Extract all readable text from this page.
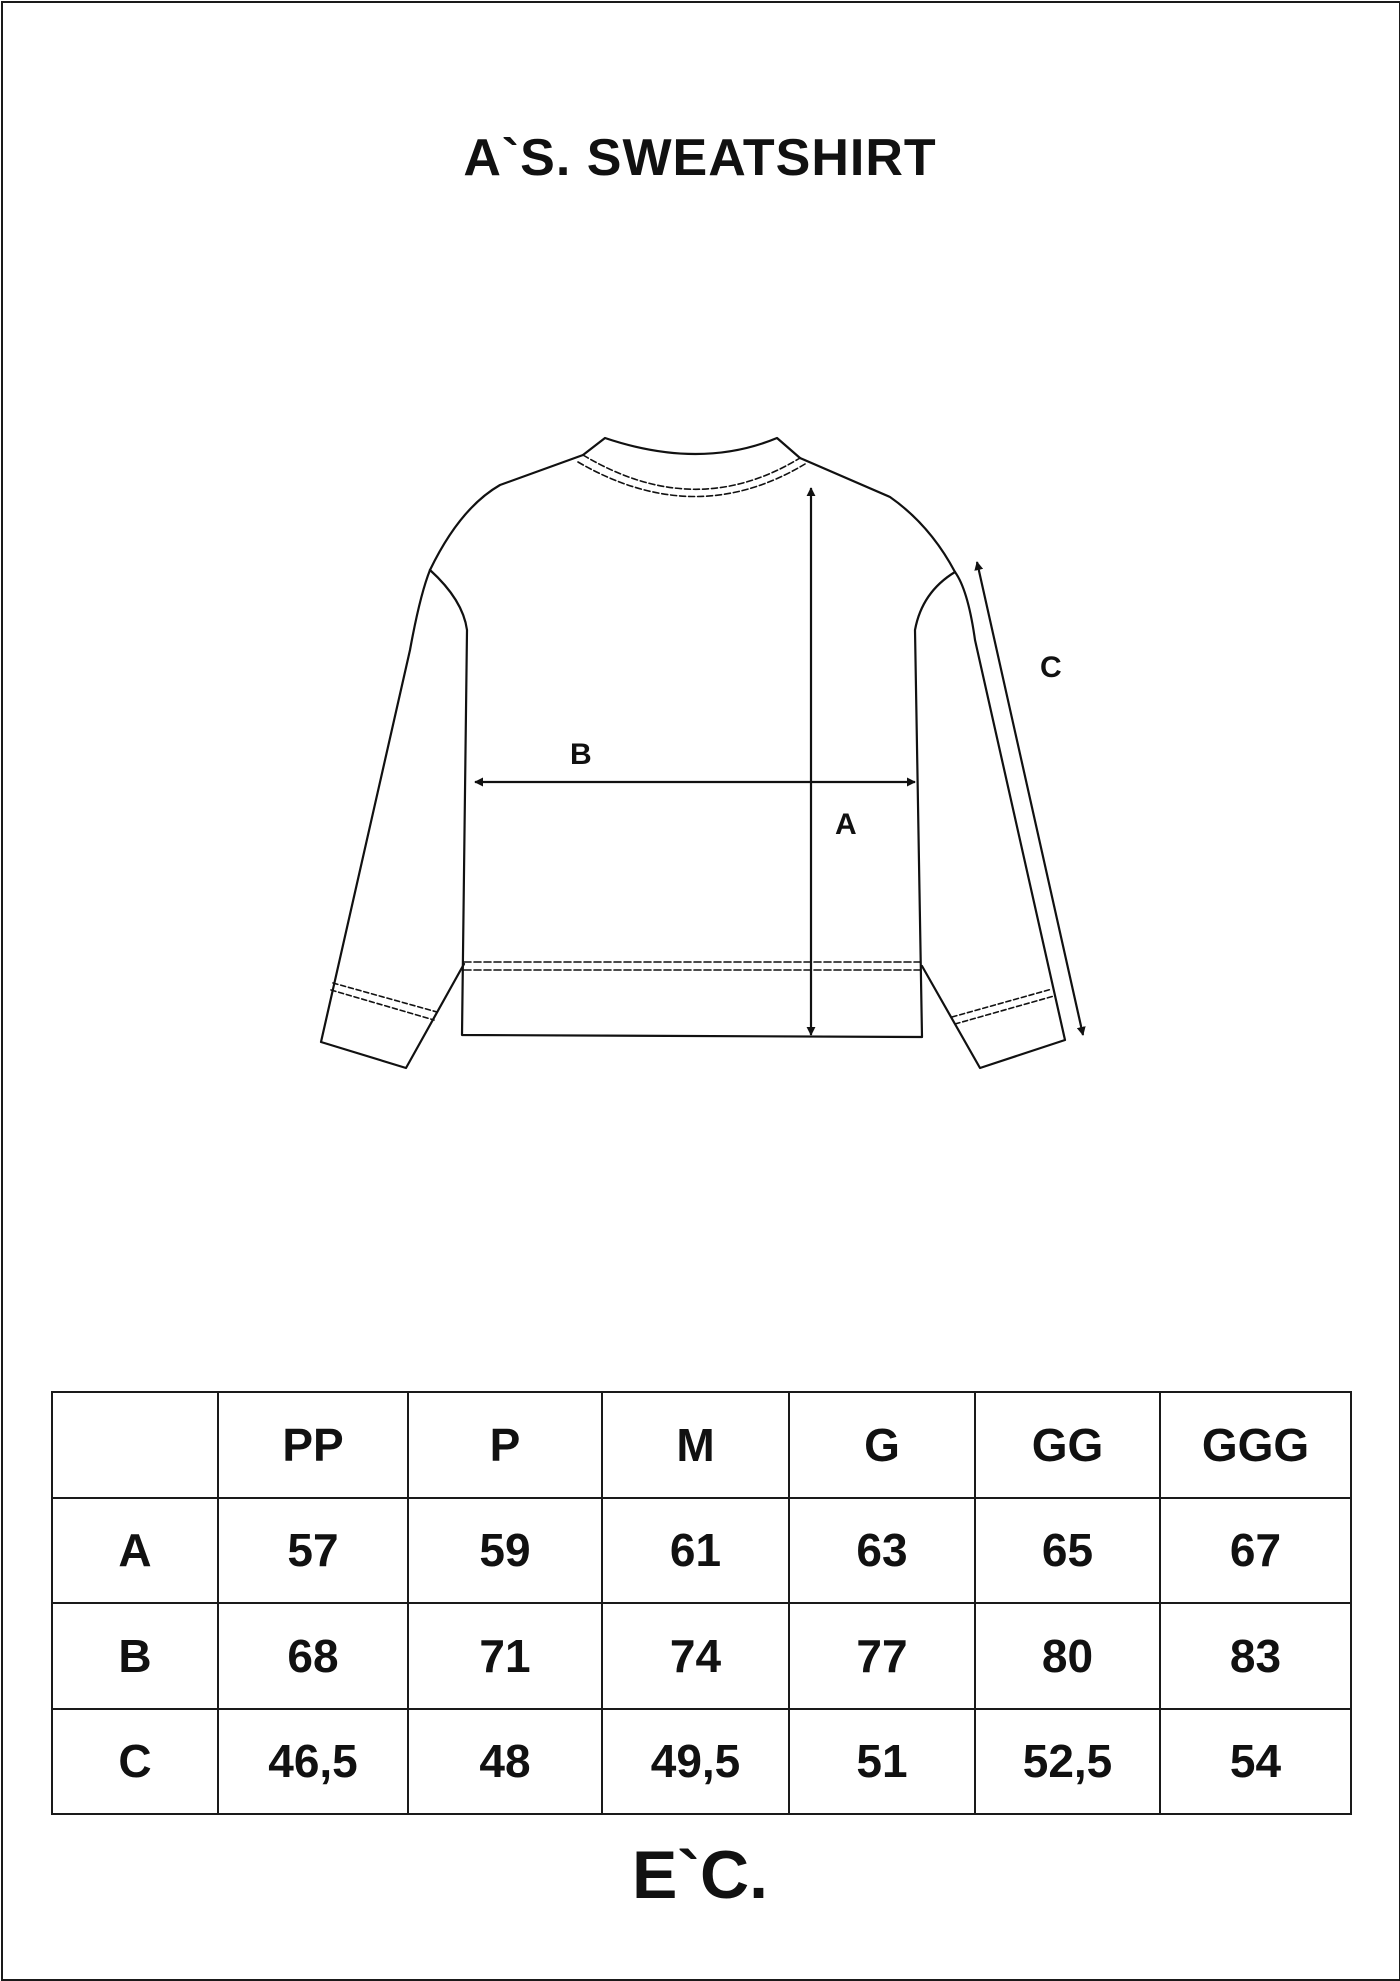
A`S. SWEATSHIRT
A
B
C
	PP	P	M	G	GG	GGG
A	57	59	61	63	65	67
B	68	71	74	77	80	83
C	46,5	48	49,5	51	52,5	54
E`C.
